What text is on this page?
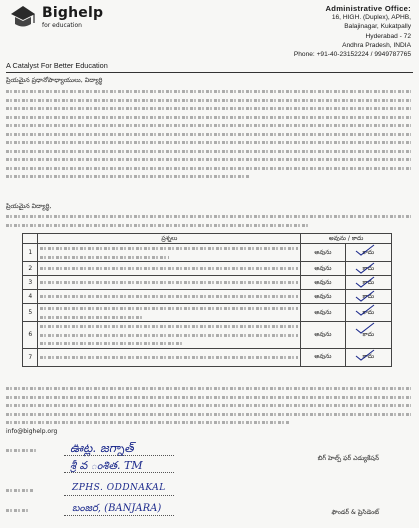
Bighelp
for education
A Catalyst For Better Education
Administrative Office:
16, HIGH. (Duplex), APHB,
Balajinagar, Kukatpally
Hyderabad - 72
Andhra Pradesh, INDIA
Phone: +91-40-23152224 / 9949787765
ప్రియమైన ప్రధానోపాధ్యాయులు, విద్యార్థి
ప్రియమైన విద్యార్థి,
	ప్రశ్నలు	అవును / కాదు	
1		అవును	కాదు

2		అవును	కాదు

3		అవును	కాదు

4		అవును	కాదు

5		అవును	కాదు

6		అవును	కాదు

7		అవును	కాదు
info@bighelp.org
ఊట్ల. జగ్నాత్
శ్రీ వ ంశిత. TM
ZPHS. ODDNAKAL
బంజర, (BANJARA)
బిగ్ హెల్ప్ ఫర్ ఎడ్యుకేషన్
ఫౌండర్ & ప్రెసిడెంట్
